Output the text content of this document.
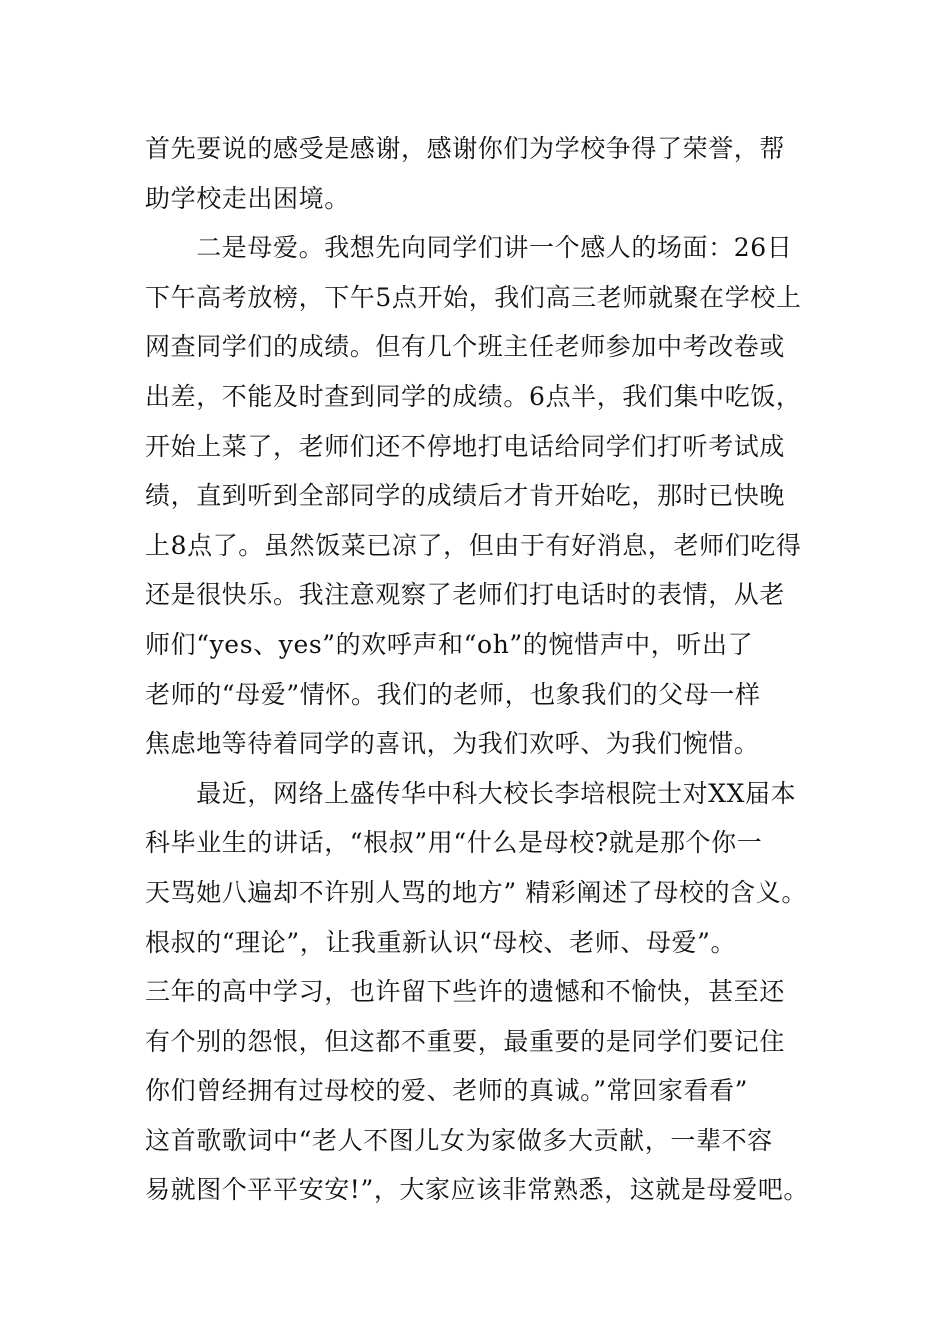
首先要说的感受是感谢，感谢你们为学校争得了荣誉，帮
助学校走出困境。
　　二是母爱。我想先向同学们讲一个感人的场面：26日
下午高考放榜，下午5点开始，我们高三老师就聚在学校上
网查同学们的成绩。但有几个班主任老师参加中考改卷或
出差，不能及时查到同学的成绩。6点半，我们集中吃饭，
开始上菜了，老师们还不停地打电话给同学们打听考试成
绩，直到听到全部同学的成绩后才肯开始吃，那时已快晚
上8点了。虽然饭菜已凉了，但由于有好消息，老师们吃得
还是很快乐。我注意观察了老师们打电话时的表情，从老
师们“yes、yes”的欢呼声和“oh”的惋惜声中，听出了
老师的“母爱”情怀。我们的老师，也象我们的父母一样
焦虑地等待着同学的喜讯，为我们欢呼、为我们惋惜。
　　最近，网络上盛传华中科大校长李培根院士对XX届本
科毕业生的讲话，“根叔”用“什么是母校?就是那个你一
天骂她八遍却不许别人骂的地方” 精彩阐述了母校的含义。
根叔的“理论”，让我重新认识“母校、老师、母爱”。
三年的高中学习，也许留下些许的遗憾和不愉快，甚至还
有个别的怨恨，但这都不重要，最重要的是同学们要记住
你们曾经拥有过母校的爱、老师的真诚。”常回家看看”
这首歌歌词中“老人不图儿女为家做多大贡献，一辈不容
易就图个平平安安!”，大家应该非常熟悉，这就是母爱吧。
